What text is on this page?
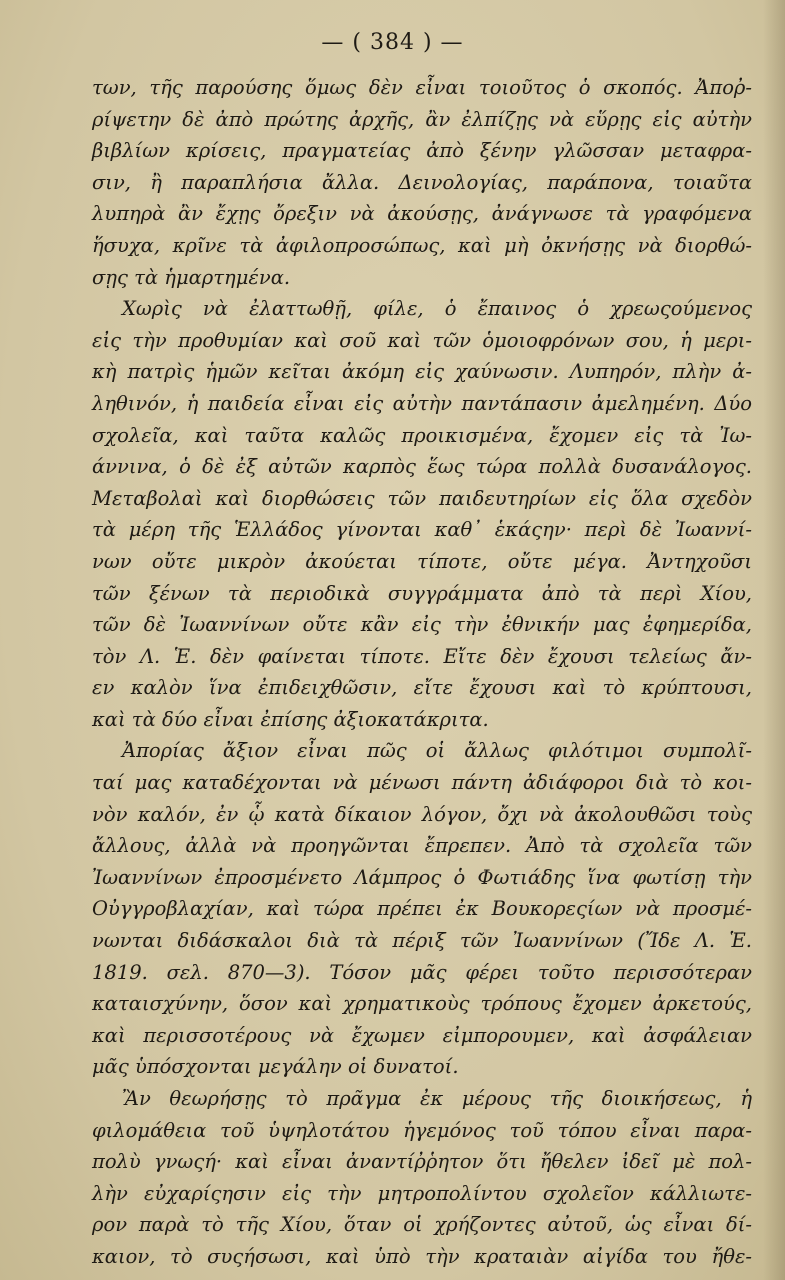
— ( 384 ) —
των, τῆς παρούσης ὅμως δὲν εἶναι τοιοῦτος ὁ σκοπός. Ἀποῤ-
ρίψετην δὲ ἀπὸ πρώτης ἀρχῆς, ἂν ἐλπίζῃς νὰ εὕρῃς εἰς αὐτὴν
βιβλίων κρίσεις, πραγματείας ἀπὸ ξένην γλῶσσαν μεταφρα-
σιν, ἢ παραπλήσια ἄλλα. Δεινολογίας, παράπονα, τοιαῦτα
λυπηρὰ ἂν ἔχῃς ὄρεξιν νὰ ἀκούσῃς, ἀνάγνωσε τὰ γραφόμενα
ἥσυχα, κρῖνε τὰ ἀφιλοπροσώπως, καὶ μὴ ὀκνήσῃς νὰ διορθώ-
σῃς τὰ ἡμαρτημένα.
Χωρὶς νὰ ἐλαττωθῇ, φίλε, ὁ ἔπαινος ὁ χρεωςούμενος
εἰς τὴν προθυμίαν καὶ σοῦ καὶ τῶν ὁμοιοφρόνων σου, ἡ μερι-
κὴ πατρὶς ἡμῶν κεῖται ἀκόμη εἰς χαύνωσιν. Λυπηρόν, πλὴν ἀ-
ληθινόν, ἡ παιδεία εἶναι εἰς αὐτὴν παντάπασιν ἀμελημένη. Δύο
σχολεῖα, καὶ ταῦτα καλῶς προικισμένα, ἔχομεν εἰς τὰ Ἰω-
άννινα, ὁ δὲ ἐξ αὐτῶν καρπὸς ἕως τώρα πολλὰ δυσανάλογος.
Μεταβολαὶ καὶ διορθώσεις τῶν παιδευτηρίων εἰς ὅλα σχεδὸν
τὰ μέρη τῆς Ἑλλάδος γίνονται καθ᾽ ἑκάςην· περὶ δὲ Ἰωαννί-
νων οὔτε μικρὸν ἀκούεται τίποτε, οὔτε μέγα. Ἀντηχοῦσι
τῶν ξένων τὰ περιοδικὰ συγγράμματα ἀπὸ τὰ περὶ Χίου,
τῶν δὲ Ἰωαννίνων οὔτε κἂν εἰς τὴν ἐθνικήν μας ἐφημερίδα,
τὸν Λ. Ἑ. δὲν φαίνεται τίποτε. Εἴτε δὲν ἔχουσι τελείως ἄν-
εν καλὸν ἵνα ἐπιδειχθῶσιν, εἴτε ἔχουσι καὶ τὸ κρύπτουσι,
καὶ τὰ δύο εἶναι ἐπίσης ἀξιοκατάκριτα.
Ἀπορίας ἄξιον εἶναι πῶς οἱ ἄλλως φιλότιμοι συμπολῖ-
ταί μας καταδέχονται νὰ μένωσι πάντη ἀδιάφοροι διὰ τὸ κοι-
νὸν καλόν, ἐν ᾧ κατὰ δίκαιον λόγον, ὄχι νὰ ἀκολουθῶσι τοὺς
ἄλλους, ἀλλὰ νὰ προηγῶνται ἔπρεπεν. Ἀπὸ τὰ σχολεῖα τῶν
Ἰωαννίνων ἐπροσμένετο Λάμπρος ὁ Φωτιάδης ἵνα φωτίσῃ τὴν
Οὐγγροβλαχίαν, καὶ τώρα πρέπει ἐκ Βουκορεςίων νὰ προσμέ-
νωνται διδάσκαλοι διὰ τὰ πέριξ τῶν Ἰωαννίνων (Ἴδε Λ. Ἑ.
1819. σελ. 870—3). Τόσον μᾶς φέρει τοῦτο περισσότεραν
καταισχύνην, ὅσον καὶ χρηματικοὺς τρόπους ἔχομεν ἀρκετούς,
καὶ περισσοτέρους νὰ ἔχωμεν εἰμπορουμεν, καὶ ἀσφάλειαν
μᾶς ὑπόσχονται μεγάλην οἱ δυνατοί.
Ἂν θεωρήσῃς τὸ πρᾶγμα ἐκ μέρους τῆς διοικήσεως, ἡ
φιλομάθεια τοῦ ὑψηλοτάτου ἡγεμόνος τοῦ τόπου εἶναι παρα-
πολὺ γνωςή· καὶ εἶναι ἀναντίῤῥητον ὅτι ἤθελεν ἰδεῖ μὲ πολ-
λὴν εὐχαρίςησιν εἰς τὴν μητροπολίντου σχολεῖον κάλλιωτε-
ρον παρὰ τὸ τῆς Χίου, ὅταν οἱ χρήζοντες αὐτοῦ, ὡς εἶναι δί-
καιον, τὸ συςήσωσι, καὶ ὑπὸ τὴν κραταιὰν αἰγίδα του ἤθε-
